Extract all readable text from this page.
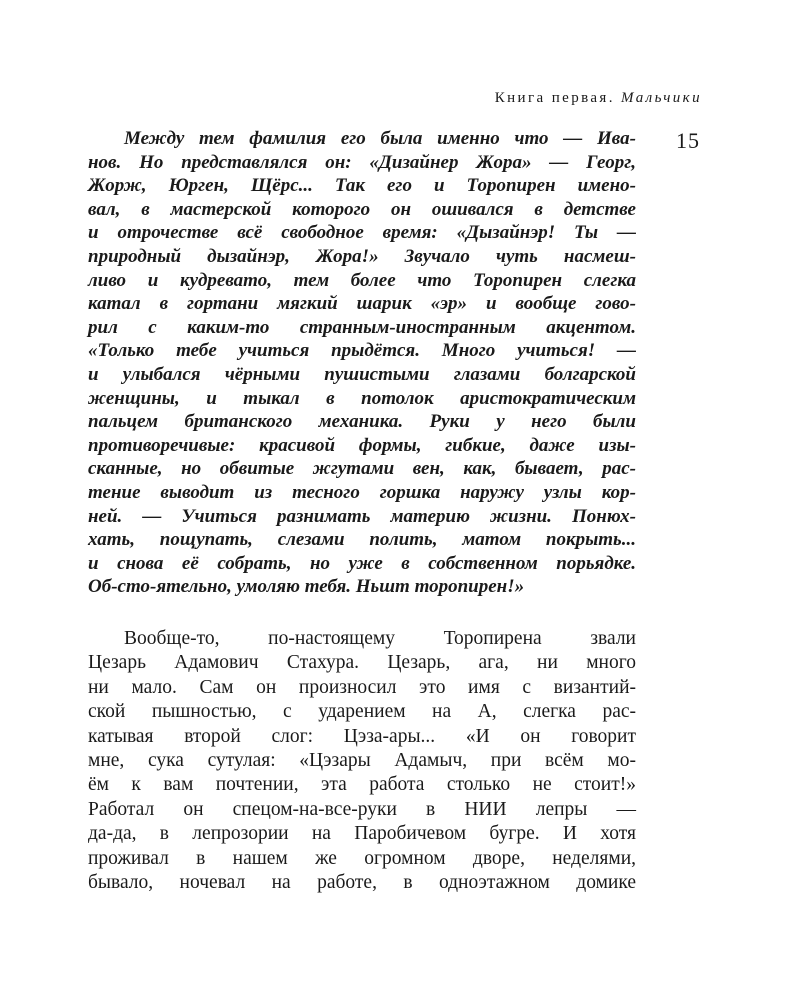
Книга первая. Мальчики
15
Между тем фамилия его была именно что — Ива-
нов. Но представлялся он: «Дизайнер Жора» — Георг,
Жорж, Юрген, Щёрс... Так его и Торопирен имено-
вал, в мастерской которого он ошивался в детстве
и отрочестве всё свободное время: «Дызайнэр! Ты —
природный дызайнэр, Жора!» Звучало чуть насмеш-
ливо и кудревато, тем более что Торопирен слегка
катал в гортани мягкий шарик «эр» и вообще гово-
рил с каким-то странным-иностранным акцентом.
«Только тебе учиться прыдётся. Много учиться! —
и улыбался чёрными пушистыми глазами болгарской
женщины, и тыкал в потолок аристократическим
пальцем британского механика. Руки у него были
противоречивые: красивой формы, гибкие, даже изы-
сканные, но обвитые жгутами вен, как, бывает, рас-
тение выводит из тесного горшка наружу узлы кор-
ней. — Учиться разнимать материю жизни. Понюх-
хать, пощупать, слезами полить, матом покрыть...
и снова её собрать, но уже в собственном порьядке.
Об-сто-ятельно, умоляю тебя. Ньшт торопирен!»
Вообще-то, по-настоящему Торопирена звали
Цезарь Адамович Стахура. Цезарь, ага, ни много
ни мало. Сам он произносил это имя с византий-
ской пышностью, с ударением на А, слегка рас-
катывая второй слог: Цэза-ары... «И он говорит
мне, сука сутулая: «Цэзары Адамыч, при всём мо-
ём к вам почтении, эта работа столько не стоит!»
Работал он спецом-на-все-руки в НИИ лепры —
да-да, в лепрозории на Паробичевом бугре. И хотя
проживал в нашем же огромном дворе, неделями,
бывало, ночевал на работе, в одноэтажном домике
